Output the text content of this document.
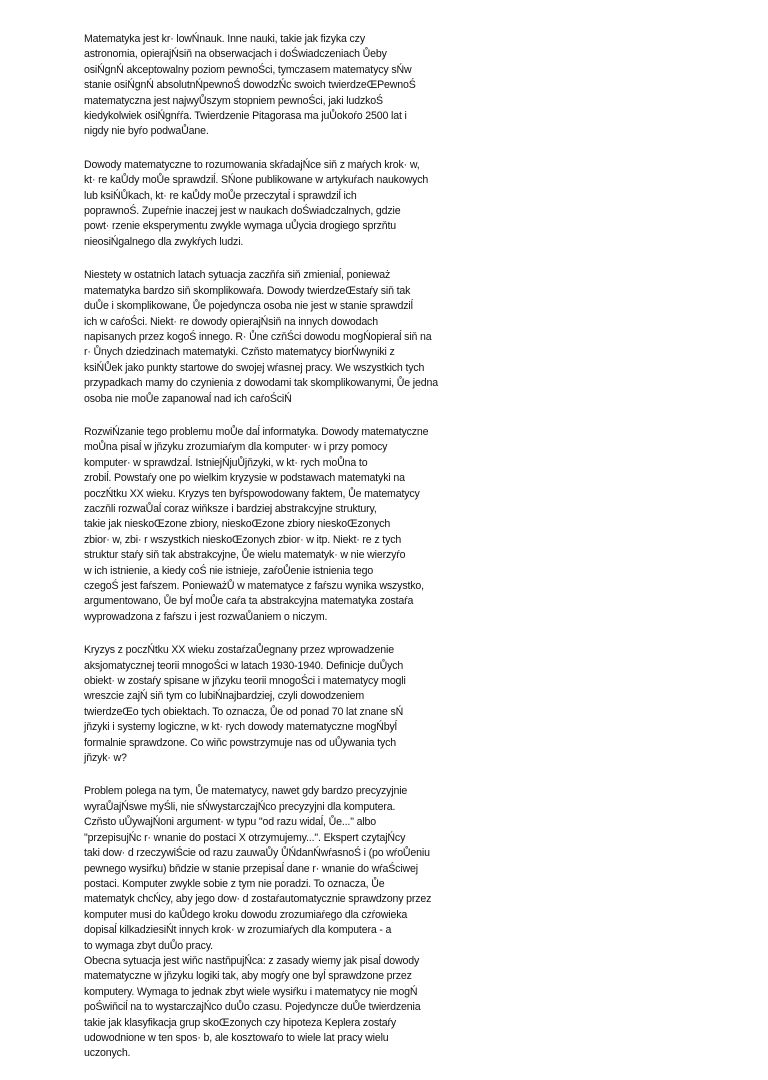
Matematyka jest kr· lowŃnauk. Inne nauki, takie jak fizyka czy
astronomia, opierajŃsiň na obserwacjach i doŚwiadczeniach Ůeby
osiŃgnŃ akceptowalny poziom pewnoŚci, tymczasem matematycy sŃw
stanie osiŃgnŃ absolutnŃpewnoŚ dowodzŃc swoich twierdzeŒPewnoŚ
matematyczna jest najwyŮszym stopniem pewnoŚci, jaki ludzkoŚ
kiedykolwiek osiŃgnŕŕa. Twierdzenie Pitagorasa ma juŮokoŕo 2500 lat i
nigdy nie byŕo podwaŮane.
Dowody matematyczne to rozumowania skŕadajŃce siň z maŕych krok· w,
kt· re kaŮdy moŮe sprawdziĺ. SŃone publikowane w artykuŕach naukowych
lub ksiŃŮkach, kt· re kaŮdy moŮe przeczytaĺ i sprawdziĺ ich
poprawnoŚ. Zupeŕnie inaczej jest w naukach doŚwiadczalnych, gdzie
powt· rzenie eksperymentu zwykle wymaga uŮycia drogiego sprzňtu
nieosiŃgalnego dla zwykŕych ludzi.
Niestety w ostatnich latach sytuacja zaczňŕa siň zmieniaĺ, ponieważ
matematyka bardzo siň skomplikowaŕa. Dowody twierdzeŒstaŕy siň tak
duŮe i skomplikowane, Ůe pojedyncza osoba nie jest w stanie sprawdziĺ
ich w caŕoŚci. Niekt· re dowody opierajŃsiň na innych dowodach
napisanych przez kogoŚ innego. R· Ůne czňŚci dowodu mogŃopieraĺ siň na
r· Ůnych dziedzinach matematyki. Czňsto matematycy biorŃwyniki z
ksiŃŮek jako punkty startowe do swojej wŕasnej pracy. We wszystkich tych
przypadkach mamy do czynienia z dowodami tak skomplikowanymi, Ůe jedna
osoba nie moŮe zapanowaĺ nad ich caŕoŚciŃ
RozwiŃzanie tego problemu moŮe daĺ informatyka. Dowody matematyczne
moŮna pisaĺ w jňzyku zrozumiaŕym dla komputer· w i przy pomocy
komputer· w sprawdzaĺ. IstniejŃjuŮjňzyki, w kt· rych moŮna to
zrobiĺ. Powstaŕy one po wielkim kryzysie w podstawach matematyki na
poczŃtku XX wieku. Kryzys ten byŕspowodowany faktem, Ůe matematycy
zaczňli rozwaŮaĺ coraz wiňksze i bardziej abstrakcyjne struktury,
takie jak nieskoŒzone zbiory, nieskoŒzone zbiory nieskoŒzonych
zbior· w, zbi· r wszystkich nieskoŒzonych zbior· w itp. Niekt· re z tych
struktur staŕy siň tak abstrakcyjne, Ůe wielu matematyk· w nie wierzyŕo
w ich istnienie, a kiedy coŚ nie istnieje, zaŕoŮenie istnienia tego
czegoŚ jest faŕszem. PonieważŮ w matematyce z faŕszu wynika wszystko,
argumentowano, Ůe byĺ moŮe caŕa ta abstrakcyjna matematyka zostaŕa
wyprowadzona z faŕszu i jest rozwaŮaniem o niczym.
Kryzys z poczŃtku XX wieku zostaŕzaŮegnany przez wprowadzenie
aksjomatycznej teorii mnogoŚci w latach 1930-1940. Definicje duŮych
obiekt· w zostaŕy spisane w jňzyku teorii mnogoŚci i matematycy mogli
wreszcie zajŃ siň tym co lubiŃnajbardziej, czyli dowodzeniem
twierdzeŒo tych obiektach. To oznacza, Ůe od ponad 70 lat znane sŃ
jňzyki i systemy logiczne, w kt· rych dowody matematyczne mogŃbyĺ
formalnie sprawdzone. Co wiňc powstrzymuje nas od uŮywania tych
jňzyk· w?
Problem polega na tym, Ůe matematycy, nawet gdy bardzo precyzyjnie
wyraŮajŃswe myŚli, nie sŃwystarczajŃco precyzyjni dla komputera.
Czňsto uŮywajŃoni argument· w typu "od razu widaĺ, Ůe..." albo
"przepisujŃc r· wnanie do postaci X otrzymujemy...". Ekspert czytajŃcy
taki dow· d rzeczywiŚcie od razu zauwaŮy ŮŃdanŃwŕasnoŚ i (po wŕoŮeniu
pewnego wysiŕku) bňdzie w stanie przepisaĺ dane r· wnanie do wŕaŚciwej
postaci. Komputer zwykle sobie z tym nie poradzi. To oznacza, Ůe
matematyk chcŃcy, aby jego dow· d zostaŕautomatycznie sprawdzony przez
komputer musi do kaŮdego kroku dowodu zrozumiaŕego dla czŕowieka
dopisaĺ kilkadziesiŃt innych krok· w zrozumiaŕych dla komputera - a
to wymaga zbyt duŮo pracy.
Obecna sytuacja jest wiňc nastňpujŃca: z zasady wiemy jak pisaĺ dowody
matematyczne w jňzyku logiki tak, aby mogŕy one byĺ sprawdzone przez
komputery. Wymaga to jednak zbyt wiele wysiŕku i matematycy nie mogŃ
poŚwiňciĺ na to wystarczajŃco duŮo czasu. Pojedyncze duŮe twierdzenia
takie jak klasyfikacja grup skoŒzonych czy hipoteza Keplera zostaŕy
udowodnione w ten spos· b, ale kosztowaŕo to wiele lat pracy wielu
uczonych.
